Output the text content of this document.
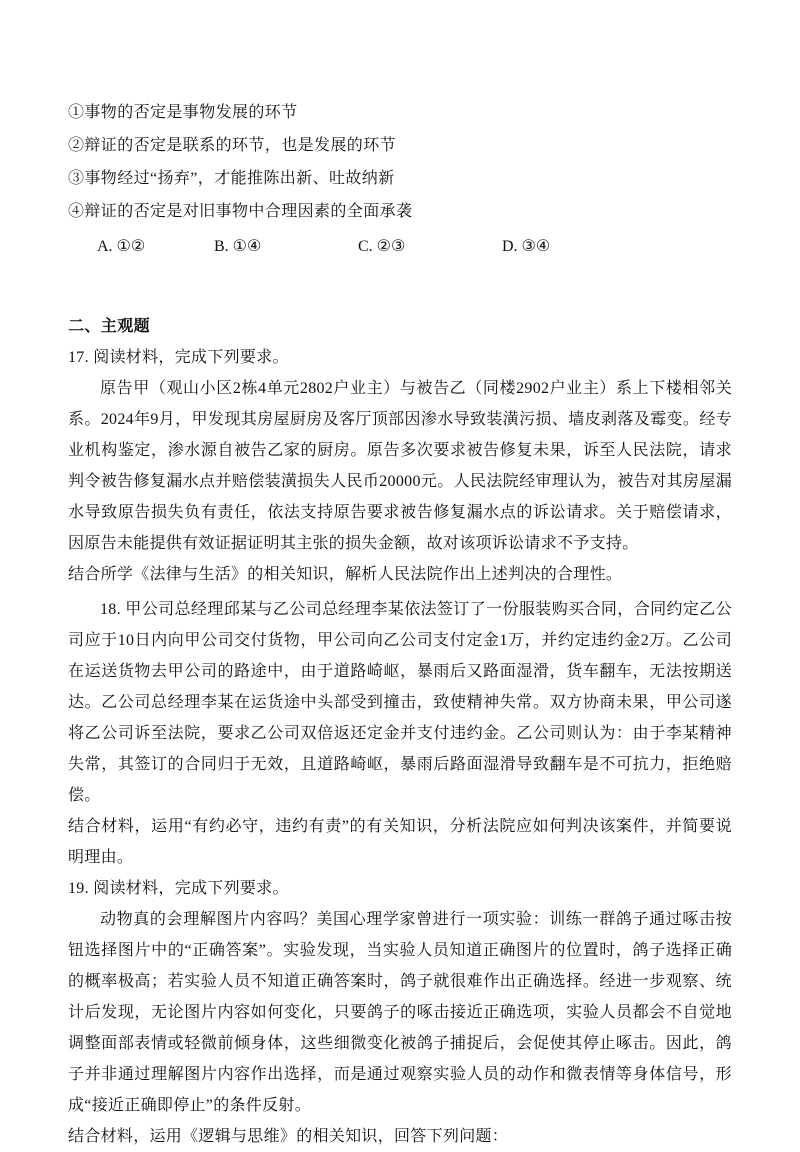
①事物的否定是事物发展的环节

②辩证的否定是联系的环节，也是发展的环节

③事物经过“扬弃”，才能推陈出新、吐故纳新

④辩证的否定是对旧事物中合理因素的全面承袭

A. ①②	B. ①④	C. ②③	D. ③④

二、主观题

17. 阅读材料，完成下列要求。

原告甲（观山小区2栋4单元2802户业主）与被告乙（同楼2902户业主）系上下楼相邻关系。2024年9月，甲发现其房屋厨房及客厅顶部因渗水导致装潢污损、墙皮剥落及霉变。经专业机构鉴定，渗水源自被告乙家的厨房。原告多次要求被告修复未果，诉至人民法院，请求判令被告修复漏水点并赔偿装潢损失人民币20000元。人民法院经审理认为，被告对其房屋漏水导致原告损失负有责任，依法支持原告要求被告修复漏水点的诉讼请求。关于赔偿请求，因原告未能提供有效证据证明其主张的损失金额，故对该项诉讼请求不予支持。

结合所学《法律与生活》的相关知识，解析人民法院作出上述判决的合理性。

18. 甲公司总经理邱某与乙公司总经理李某依法签订了一份服装购买合同，合同约定乙公司应于10日内向甲公司交付货物，甲公司向乙公司支付定金1万，并约定违约金2万。乙公司在运送货物去甲公司的路途中，由于道路崎岖，暴雨后又路面湿滑，货车翻车，无法按期送达。乙公司总经理李某在运货途中头部受到撞击，致使精神失常。双方协商未果，甲公司遂将乙公司诉至法院，要求乙公司双倍返还定金并支付违约金。乙公司则认为：由于李某精神失常，其签订的合同归于无效，且道路崎岖，暴雨后路面湿滑导致翻车是不可抗力，拒绝赔偿。

结合材料，运用“有约必守，违约有责”的有关知识，分析法院应如何判决该案件，并简要说明理由。

19. 阅读材料，完成下列要求。

动物真的会理解图片内容吗？美国心理学家曾进行一项实验：训练一群鸽子通过啄击按钮选择图片中的“正确答案”。实验发现，当实验人员知道正确图片的位置时，鸽子选择正确的概率极高；若实验人员不知道正确答案时，鸽子就很难作出正确选择。经进一步观察、统计后发现，无论图片内容如何变化，只要鸽子的啄击接近正确选项，实验人员都会不自觉地调整面部表情或轻微前倾身体，这些细微变化被鸽子捕捉后，会促使其停止啄击。因此，鸽子并非通过理解图片内容作出选择，而是通过观察实验人员的动作和微表情等身体信号，形成“接近正确即停止”的条件反射。

结合材料，运用《逻辑与思维》的相关知识，回答下列问题：
